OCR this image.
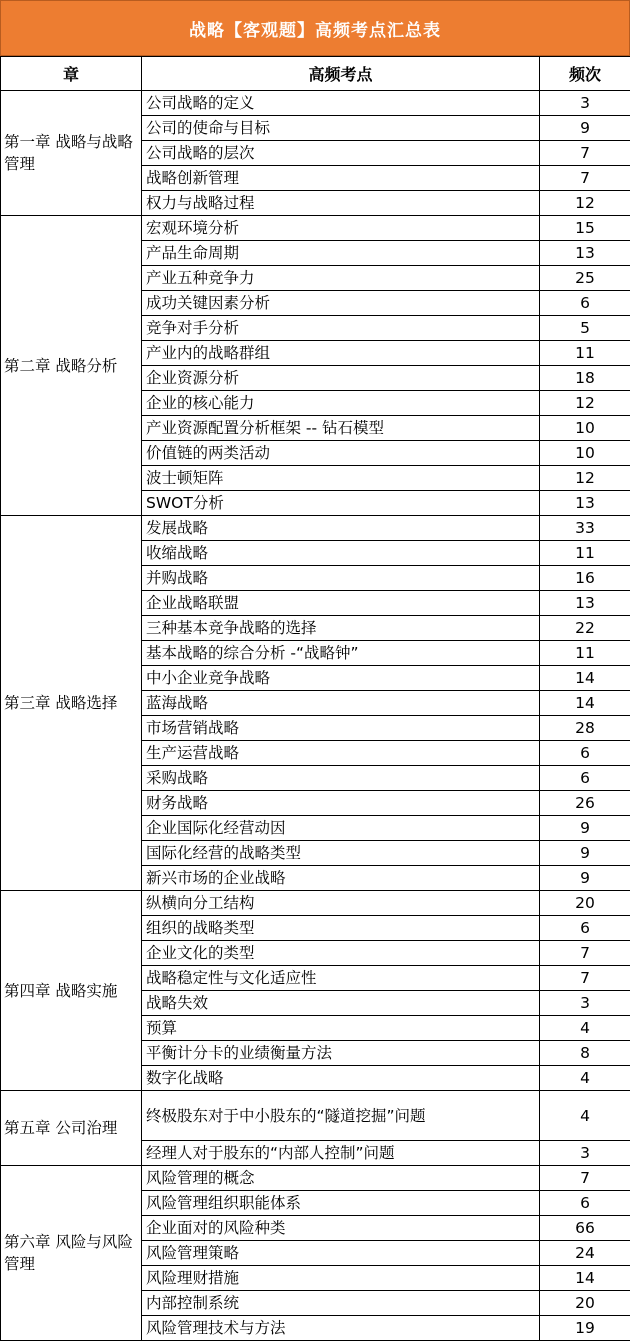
战略【客观题】高频考点汇总表
章	高频考点	频次
第一章 战略与战略管理	公司战略的定义	3
	公司的使命与目标	9
	公司战略的层次	7
	战略创新管理	7
	权力与战略过程	12
第二章 战略分析	宏观环境分析	15
	产品生命周期	13
	产业五种竞争力	25
	成功关键因素分析	6
	竞争对手分析	5
	产业内的战略群组	11
	企业资源分析	18
	企业的核心能力	12
	产业资源配置分析框架 -- 钻石模型	10
	价值链的两类活动	10
	波士顿矩阵	12
	SWOT分析	13
第三章 战略选择	发展战略	33
	收缩战略	11
	并购战略	16
	企业战略联盟	13
	三种基本竞争战略的选择	22
	基本战略的综合分析 -“战略钟”	11
	中小企业竞争战略	14
	蓝海战略	14
	市场营销战略	28
	生产运营战略	6
	采购战略	6
	财务战略	26
	企业国际化经营动因	9
	国际化经营的战略类型	9
	新兴市场的企业战略	9
第四章 战略实施	纵横向分工结构	20
	组织的战略类型	6
	企业文化的类型	7
	战略稳定性与文化适应性	7
	战略失效	3
	预算	4
	平衡计分卡的业绩衡量方法	8
	数字化战略	4
第五章 公司治理	终极股东对于中小股东的“隧道挖掘”问题	4
	经理人对于股东的“内部人控制”问题	3
第六章 风险与风险管理	风险管理的概念	7
	风险管理组织职能体系	6
	企业面对的风险种类	66
	风险管理策略	24
	风险理财措施	14
	内部控制系统	20
	风险管理技术与方法	19
